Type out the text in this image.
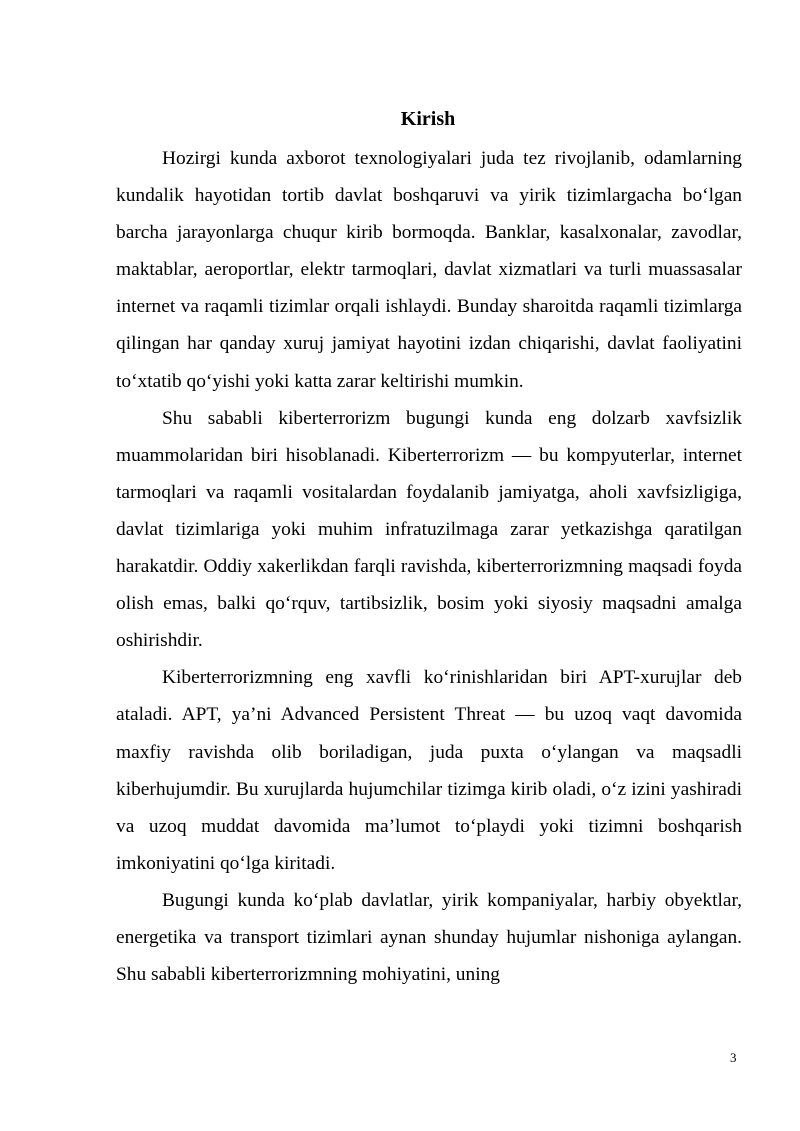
Kirish

Hozirgi kunda axborot texnologiyalari juda tez rivojlanib, odamlarning kundalik hayotidan tortib davlat boshqaruvi va yirik tizimlargacha bo‘lgan barcha jarayonlarga chuqur kirib bormoqda. Banklar, kasalxonalar, zavodlar, maktablar, aeroportlar, elektr tarmoqlari, davlat xizmatlari va turli muassasalar internet va raqamli tizimlar orqali ishlaydi. Bunday sharoitda raqamli tizimlarga qilingan har qanday xuruj jamiyat hayotini izdan chiqarishi, davlat faoliyatini to‘xtatib qo‘yishi yoki katta zarar keltirishi mumkin.

Shu sababli kiberterrorizm bugungi kunda eng dolzarb xavfsizlik muammolaridan biri hisoblanadi. Kiberterrorizm — bu kompyuterlar, internet tarmoqlari va raqamli vositalardan foydalanib jamiyatga, aholi xavfsizligiga, davlat tizimlariga yoki muhim infratuzilmaga zarar yetkazishga qaratilgan harakatdir. Oddiy xakerlikdan farqli ravishda, kiberterrorizmning maqsadi foyda olish emas, balki qo‘rquv, tartibsizlik, bosim yoki siyosiy maqsadni amalga oshirishdir.

Kiberterrorizmning eng xavfli ko‘rinishlaridan biri APT-xurujlar deb ataladi. APT, ya’ni Advanced Persistent Threat — bu uzoq vaqt davomida maxfiy ravishda olib boriladigan, juda puxta o‘ylangan va maqsadli kiberhujumdir. Bu xurujlarda hujumchilar tizimga kirib oladi, o‘z izini yashiradi va uzoq muddat davomida ma’lumot to‘playdi yoki tizimni boshqarish imkoniyatini qo‘lga kiritadi.

Bugungi kunda ko‘plab davlatlar, yirik kompaniyalar, harbiy obyektlar, energetika va transport tizimlari aynan shunday hujumlar nishoniga aylangan. Shu sababli kiberterrorizmning mohiyatini, uning

3
